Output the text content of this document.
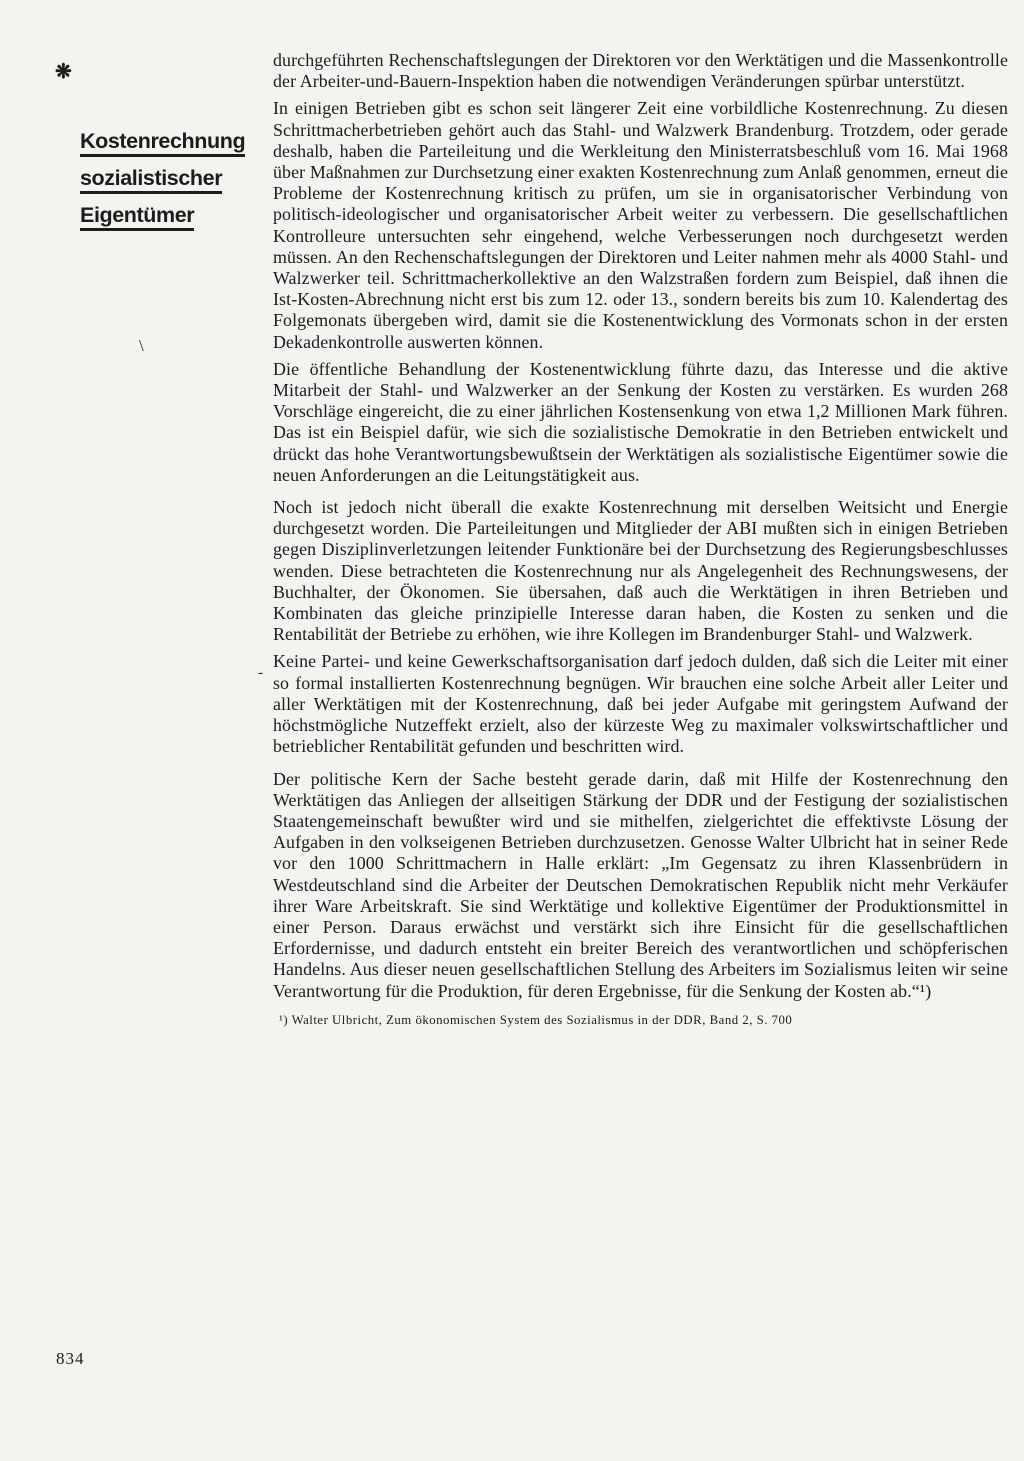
❋
\
-
Kostenrechnung
sozialistischer
Eigentümer

durchgeführten Rechenschaftslegungen der Direktoren vor den Werktätigen und die Massenkontrolle der Arbeiter-und-Bauern-Inspektion haben die notwendigen Veränderungen spürbar unterstützt.

In einigen Betrieben gibt es schon seit längerer Zeit eine vorbildliche Kostenrechnung. Zu diesen Schrittmacherbetrieben gehört auch das Stahl- und Walzwerk Brandenburg. Trotzdem, oder gerade deshalb, haben die Parteileitung und die Werkleitung den Ministerratsbeschluß vom 16. Mai 1968 über Maßnahmen zur Durchsetzung einer exakten Kostenrechnung zum Anlaß genommen, erneut die Probleme der Kostenrechnung kritisch zu prüfen, um sie in organisatorischer Verbindung von politisch-ideologischer und organisatorischer Arbeit weiter zu verbessern. Die gesellschaftlichen Kontrolleure untersuchten sehr eingehend, welche Verbesserungen noch durchgesetzt werden müssen. An den Rechenschaftslegungen der Direktoren und Leiter nahmen mehr als 4000 Stahl- und Walzwerker teil. Schrittmacherkollektive an den Walzstraßen fordern zum Beispiel, daß ihnen die Ist-Kosten-Abrechnung nicht erst bis zum 12. oder 13., sondern bereits bis zum 10. Kalendertag des Folgemonats übergeben wird, damit sie die Kostenentwicklung des Vormonats schon in der ersten Dekadenkontrolle auswerten können.

Die öffentliche Behandlung der Kostenentwicklung führte dazu, das Interesse und die aktive Mitarbeit der Stahl- und Walzwerker an der Senkung der Kosten zu verstärken. Es wurden 268 Vorschläge eingereicht, die zu einer jährlichen Kostensenkung von etwa 1,2 Millionen Mark führen. Das ist ein Beispiel dafür, wie sich die sozialistische Demokratie in den Betrieben entwickelt und drückt das hohe Verantwortungsbewußtsein der Werktätigen als sozialistische Eigentümer sowie die neuen Anforderungen an die Leitungstätigkeit aus.

Noch ist jedoch nicht überall die exakte Kostenrechnung mit derselben Weitsicht und Energie durchgesetzt worden. Die Parteileitungen und Mitglieder der ABI mußten sich in einigen Betrieben gegen Disziplinverletzungen leitender Funktionäre bei der Durchsetzung des Regierungsbeschlusses wenden. Diese betrachteten die Kostenrechnung nur als Angelegenheit des Rechnungswesens, der Buchhalter, der Ökonomen. Sie übersahen, daß auch die Werktätigen in ihren Betrieben und Kombinaten das gleiche prinzipielle Interesse daran haben, die Kosten zu senken und die Rentabilität der Betriebe zu erhöhen, wie ihre Kollegen im Brandenburger Stahl- und Walzwerk.

Keine Partei- und keine Gewerkschaftsorganisation darf jedoch dulden, daß sich die Leiter mit einer so formal installierten Kostenrechnung begnügen. Wir brauchen eine solche Arbeit aller Leiter und aller Werktätigen mit der Kostenrechnung, daß bei jeder Aufgabe mit geringstem Aufwand der höchstmögliche Nutzeffekt erzielt, also der kürzeste Weg zu maximaler volkswirtschaftlicher und betrieblicher Rentabilität gefunden und beschritten wird.

Der politische Kern der Sache besteht gerade darin, daß mit Hilfe der Kostenrechnung den Werktätigen das Anliegen der allseitigen Stärkung der DDR und der Festigung der sozialistischen Staatengemeinschaft bewußter wird und sie mithelfen, zielgerichtet die effektivste Lösung der Aufgaben in den volkseigenen Betrieben durchzusetzen. Genosse Walter Ulbricht hat in seiner Rede vor den 1000 Schrittmachern in Halle erklärt: „Im Gegensatz zu ihren Klassenbrüdern in Westdeutschland sind die Arbeiter der Deutschen Demokratischen Republik nicht mehr Verkäufer ihrer Ware Arbeitskraft. Sie sind Werktätige und kollektive Eigentümer der Produktionsmittel in einer Person. Daraus erwächst und verstärkt sich ihre Einsicht für die gesellschaftlichen Erfordernisse, und dadurch entsteht ein breiter Bereich des verantwortlichen und schöpferischen Handelns. Aus dieser neuen gesellschaftlichen Stellung des Arbeiters im Sozialismus leiten wir seine Verantwortung für die Produktion, für deren Ergebnisse, für die Senkung der Kosten ab.“¹)

¹) Walter Ulbricht, Zum ökonomischen System des Sozialismus in der DDR, Band 2, S. 700

834
